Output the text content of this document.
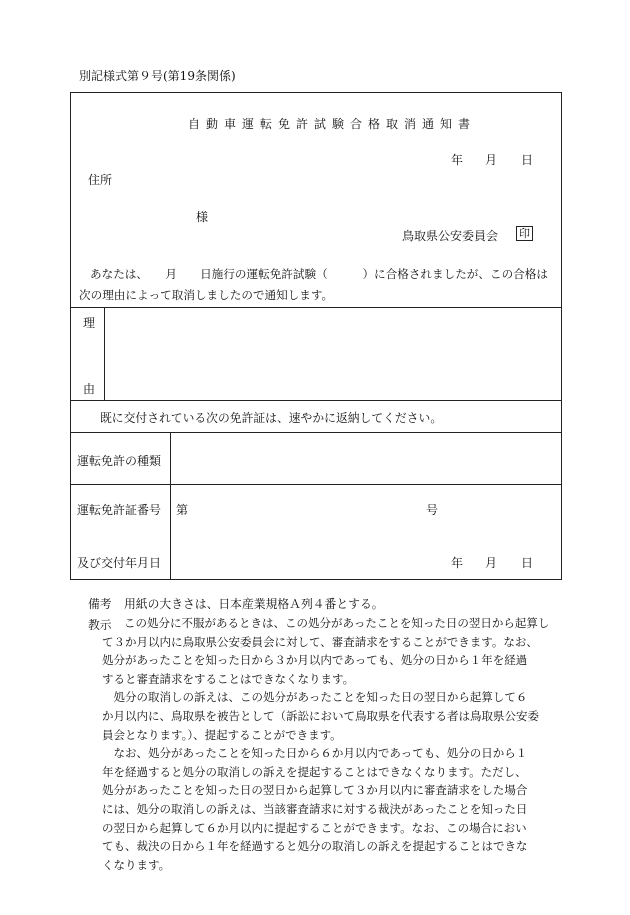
別記様式第９号(第19条関係)
自動車運転免許試験合格取消通知書
年 月 日
住所
様
鳥取県公安委員会 印
あなたは、　　月　　日施行の運転免許試験（　　　）に合格されましたが、この合格は
次の理由によって取消しましたので通知します。
理
由
既に交付されている次の免許証は、速やかに返納してください。
運転免許の種類
運転免許証番号 第	号
及び交付年月日	年 月 日
備考 用紙の大きさは、日本産業規格Ａ列４番とする。
教示	この処分に不服があるときは、この処分があったことを知った日の翌日から起算し
て３か月以内に鳥取県公安委員会に対して、審査請求をすることができます。なお、
処分があったことを知った日から３か月以内であっても、処分の日から１年を経過
すると審査請求をすることはできなくなります。
　処分の取消しの訴えは、この処分があったことを知った日の翌日から起算して６
か月以内に、鳥取県を被告として（訴訟において鳥取県を代表する者は鳥取県公安委
員会となります。）、提起することができます。
　なお、処分があったことを知った日から６か月以内であっても、処分の日から１
年を経過すると処分の取消しの訴えを提起することはできなくなります。ただし、
処分があったことを知った日の翌日から起算して３か月以内に審査請求をした場合
には、処分の取消しの訴えは、当該審査請求に対する裁決があったことを知った日
の翌日から起算して６か月以内に提起することができます。なお、この場合におい
ても、裁決の日から１年を経過すると処分の取消しの訴えを提起することはできな
くなります。
